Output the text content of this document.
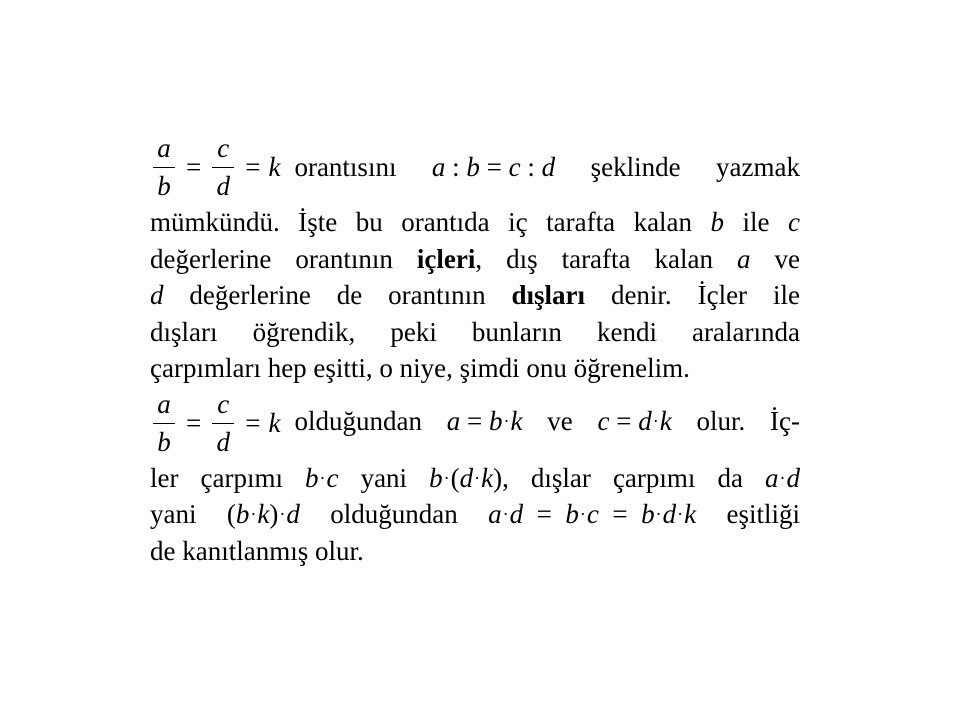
$\frac{a}{b} = \frac{c}{d} = k$ orantısını a : b = c : d şeklinde yazmak
mümkündü. İşte bu orantıda iç tarafta kalan b ile c
değerlerine orantının içleri, dış tarafta kalan a ve
d değerlerine de orantının dışları denir. İçler ile
dışları öğrendik, peki bunların kendi aralarında
çarpımları hep eşitti, o niye, şimdi onu öğrenelim.
$\frac{a}{b} = \frac{c}{d} = k$ olduğundan a = b·k ve c = d·k olur. İç-
ler çarpımı b·c yani b·(d·k), dışlar çarpımı da a·d
yani (b·k)·d olduğundan a·d  =  b·c  =  b·d·k eşitliği
de kanıtlanmış olur.
